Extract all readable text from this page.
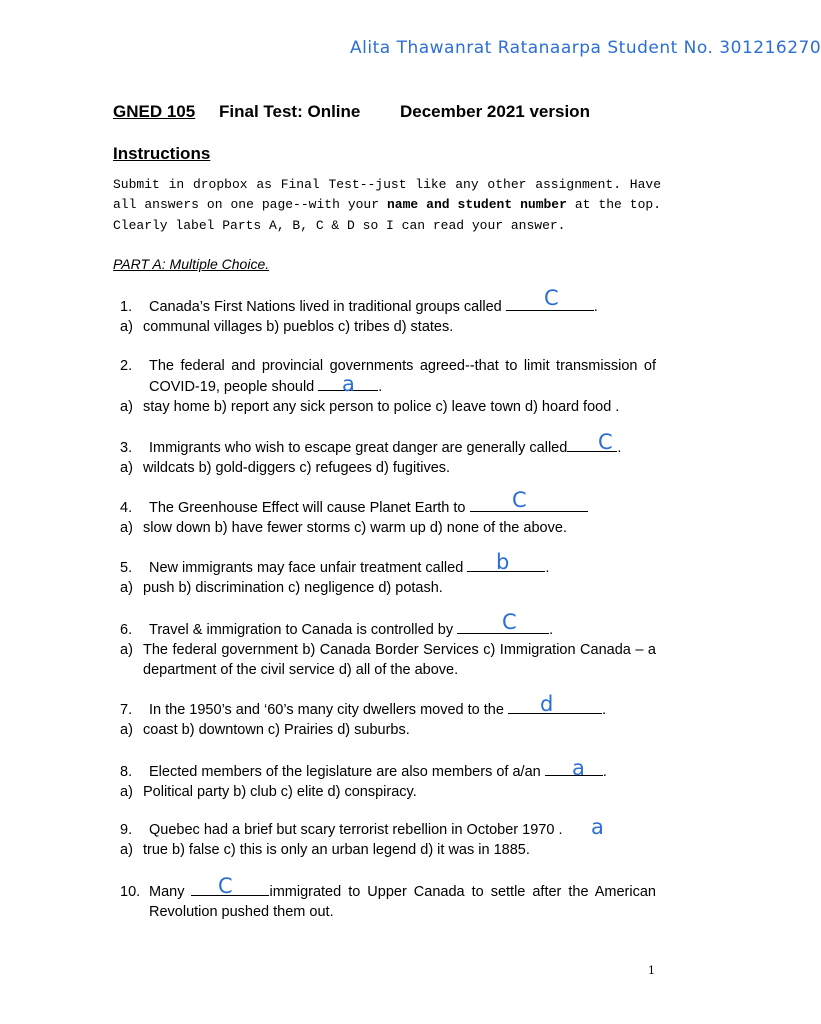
Alita Thawanrat Ratanaarpa Student No. 301216270
GNED 105 Final Test: Online December 2021 version
Instructions
Submit in dropbox as Final Test--just like any other assignment. Have all answers on one page--with your name and student number at the top. Clearly label Parts A, B, C & D so I can read your answer.
PART A: Multiple Choice.
1. Canada’s First Nations lived in traditional groups called	.
a) communal villages b) pueblos c) tribes d) states.
C
2. The federal and provincial governments agreed--that to limit transmission of COVID-19, people should	.
a) stay home b) report any sick person to police c) leave town d) hoard food .
a
3. Immigrants who wish to escape great danger are generally called	.
a) wildcats b) gold-diggers c) refugees d) fugitives.
C
4. The Greenhouse Effect will cause Planet Earth to
a) slow down b) have fewer storms c) warm up d) none of the above.
C
5. New immigrants may face unfair treatment called	.
a) push b) discrimination c) negligence d) potash.
b
6. Travel & immigration to Canada is controlled by	.
a) The federal government b) Canada Border Services c) Immigration Canada – a department of the civil service d) all of the above.
C
7. In the 1950’s and ‘60’s many city dwellers moved to the	.
a) coast b) downtown c) Prairies d) suburbs.
d
8. Elected members of the legislature are also members of a/an	.
a) Political party b) club c) elite d) conspiracy.
a
9. Quebec had a brief but scary terrorist rebellion in October 1970 .
a) true b) false c) this is only an urban legend d) it was in 1885.
a
10. Many	immigrated to Upper Canada to settle after the American Revolution pushed them out.
C
1
